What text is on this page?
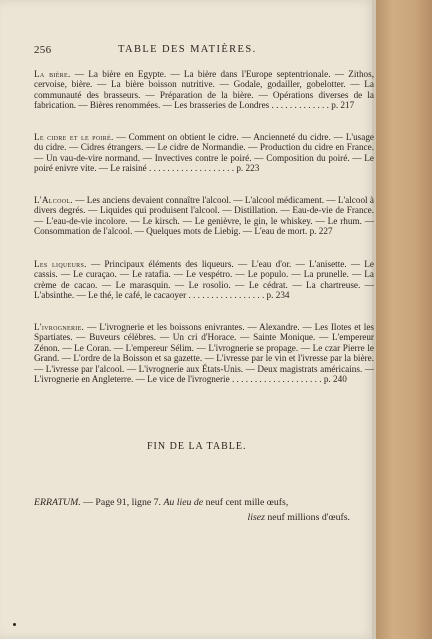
256	TABLE DES MATIÈRES.

La bière. — La bière en Egypte. — La bière dans l'Europe septentrionale. — Zithos, cervoise, bière. — La bière boisson nutritive. — Godale, godailler, gobelotter. — La communauté des brasseurs. — Préparation de la bière. — Opérations diverses de la fabrication. — Bières renommées. — Les brasseries de Londres . . . . . . . . . . . . . p. 217

Le cidre et le poiré. — Comment on obtient le cidre. — Ancienneté du cidre. — L'usage du cidre. — Cidres étrangers. — Le cidre de Normandie. — Production du cidre en France. — Un vau-de-vire normand. — Invectives contre le poiré. — Composition du poiré. — Le poiré enivre vite. — Le raisiné . . . . . . . . . . . . . . . . . . . p. 223

L'Alcool. — Les anciens devaient connaître l'alcool. — L'alcool médicament. — L'alcool à divers degrés. — Liquides qui produisent l'alcool. — Distillation. — Eau-de-vie de France. — L'eau-de-vie incolore. — Le kirsch. — Le genièvre, le gin, le whiskey. — Le rhum. — Consommation de l'alcool. — Quelques mots de Liebig. — L'eau de mort. p. 227

Les liqueurs. — Principaux éléments des liqueurs. — L'eau d'or. — L'anisette. — Le cassis. — Le curaçao. — Le ratafia. — Le vespétro. — Le populo. — La prunelle. — La crème de cacao. — Le marasquin. — Le rosolio. — Le cédrat. — La chartreuse. — L'absinthe. — Le thé, le café, le cacaoyer . . . . . . . . . . . . . . . . . p. 234

L'ivrognerie. — L'ivrognerie et les boissons enivrantes. — Alexandre. — Les Ilotes et les Spartiates. — Buveurs célèbres. — Un cri d'Horace. — Sainte Monique. — L'empereur Zénon. — Le Coran. — L'empereur Sélim. — L'ivrognerie se propage. — Le czar Pierre le Grand. — L'ordre de la Boisson et sa gazette. — L'ivresse par le vin et l'ivresse par la bière. — L'ivresse par l'alcool. — L'ivrognerie aux États-Unis. — Deux magistrats américains. — L'ivrognerie en Angleterre. — Le vice de l'ivrognerie . . . . . . . . . . . . . . . . . . . . p. 240

FIN DE LA TABLE.
ERRATUM. — Page 91, ligne 7. Au lieu de neuf cent mille œufs,
lisez neuf millions d'œufs.
